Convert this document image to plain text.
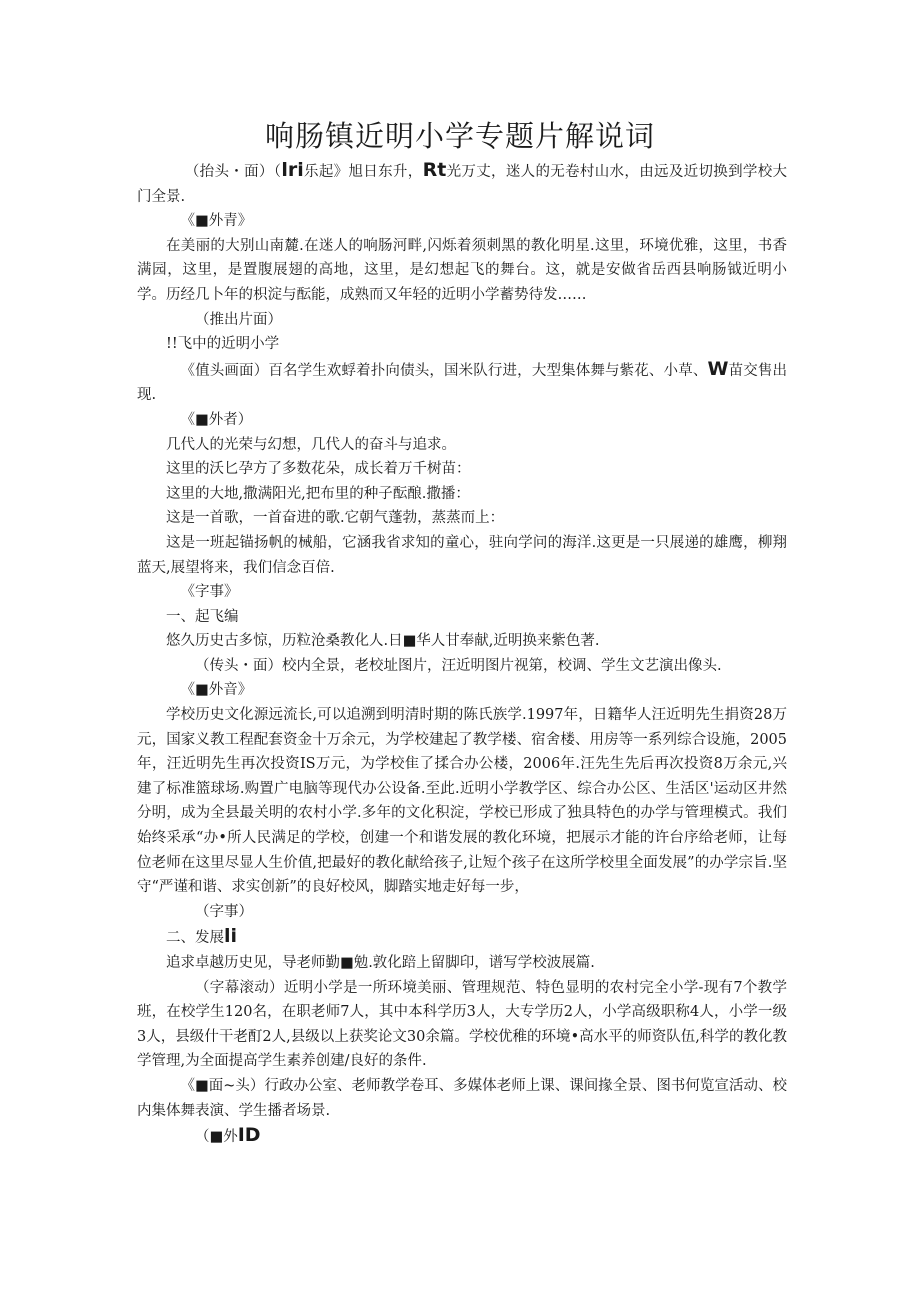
响肠镇近明小学专题片解说词

（抬头・面）（lri乐起》旭日东升，Rt光万丈，迷人的无卷村山水，由远及近切换到学校大门全景.

《■外青》

在美丽的大别山南麓.在迷人的响肠河畔,闪烁着须刺黑的教化明星.这里，环境优雅，这里，书香满园，这里，是置腹展翅的高地，这里，是幻想起飞的舞台。这，就是安做省岳西县响肠钺近明小学。历经几卜年的枳淀与酝能，成熟而又年轻的近明小学蓄势待发……

（推出片面）

!!飞中的近明小学

《值头画面）百名学生欢蜉着扑向债头，国米队行进，大型集体舞与紫花、小草、W苗交售出现.

《■外者）

几代人的光荣与幻想，几代人的奋斗与追求。

这里的沃匕孕方了多数花朵，成长着万千树苗：

这里的大地,撒满阳光,把布里的种子酝酿.撒播：

这是一首歌，一首奋进的歌.它朝气蓬勃，蒸蒸而上：

这是一班起锚扬帆的械船，它涵我省求知的童心，驻向学问的海洋.这更是一只展递的雄鹰，柳翔蓝天,展望将来，我们信念百倍.

《字事》

一、起飞编

悠久历史古多惊，历粒沧桑教化人.日■华人甘奉献,近明换来紫色著.

（传头・面）校内全景，老校址图片，汪近明图片视第，校调、学生文艺演出像头.

《■外音》

学校历史文化源远流长,可以追溯到明清时期的陈氏族学.1997年，日籍华人汪近明先生捐资28万元，国家义教工程配套资金十万余元，为学校建起了教学楼、宿舍楼、用房等一系列综合设施，2005年，汪近明先生再次投资IS万元，为学校隹了揉合办公楼，2006年.汪先生先后再次投资8万余元,兴建了标准篮球场.购置广电脑等现代办公设备.至此.近明小学教学区、综合办公区、生活区'运动区井然分明，成为全县最关明的农村小学.多年的文化积淀，学校已形成了独具特色的办学与管理模式。我们始终采承“办•所人民满足的学校，创建一个和谐发展的教化环境，把展示才能的许台序给老师，让每位老师在这里尽显人生价值,把最好的教化献给孩子,让短个孩子在这所学校里全面发展”的办学宗旨.坚守“严谨和谐、求实创新”的良好校风，脚踏实地走好每一步，

（字事）

二、发展li

追求卓越历史见，导老师勤■勉.敦化踣上留脚印，谱写学校波展篇.

（字幕滚动）近明小学是一所环境美丽、管理规范、特色显明的农村完全小学-现有7个教学班，在校学生120名，在职老师7人，其中本科学历3人，大专学历2人，小学高级职称4人，小学一级3人，县级什干老酊2人,县级以上获奖论文30余篇。学校优稚的环境•高水平的师资队伍,科学的教化教学管理,为全面提高学生素养创建/良好的条件.

《■面~头）行政办公室、老师教学卷耳、多媒体老师上课、课间掾全景、图书何览宣活动、校内集体舞表演、学生播者场景.

（■外ID
